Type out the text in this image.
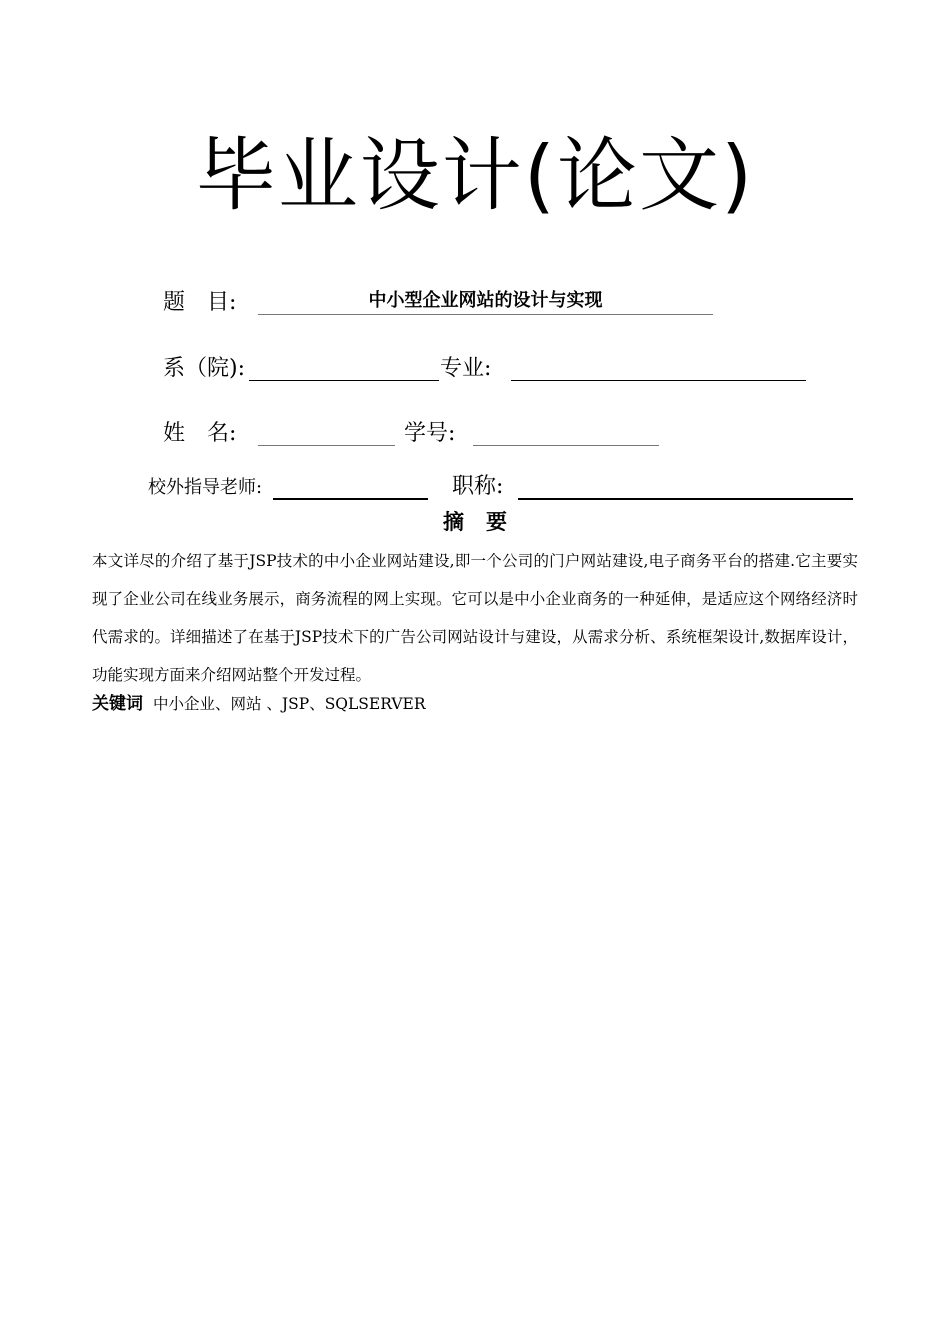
毕业设计(论文)
题　目:	中小型企业网站的设计与实现
系（院):	专业:
姓　名:	学号:
校外指导老师:	职称:
摘 要
本文详尽的介绍了基于JSP技术的中小企业网站建设,即一个公司的门户网站建设,电子商务平台的搭建.它主要实现了企业公司在线业务展示，商务流程的网上实现。它可以是中小企业商务的一种延伸，是适应这个网络经济时代需求的。详细描述了在基于JSP技术下的广告公司网站设计与建设，从需求分析、系统框架设计,数据库设计，功能实现方面来介绍网站整个开发过程。
关键词 中小企业、网站 、JSP、SQLSERVER
